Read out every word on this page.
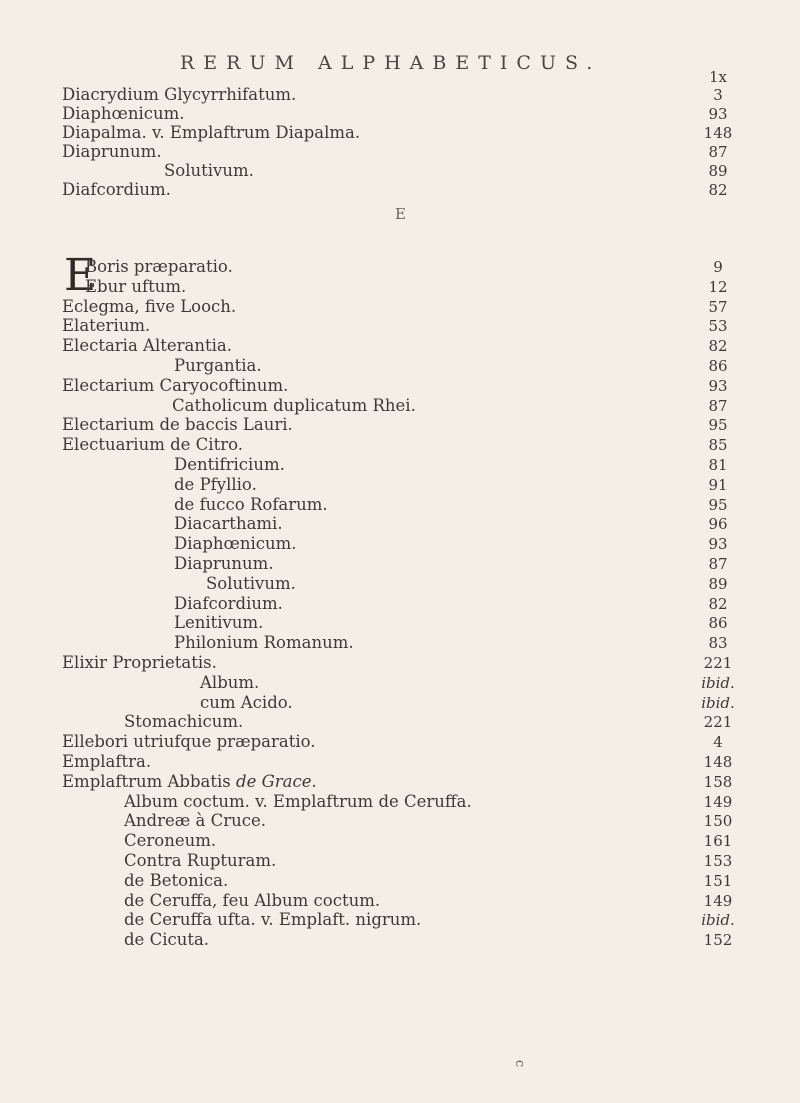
RERUM ALPHABETICUS.
1x
Diacrydium Glycyrrhifatum.	3
Diaphœnicum.	93
Diapalma. v. Emplaftrum Diapalma.	148
Diaprunum.	87
Solutivum.	89
Diafcordium.	82
E
E
Boris præparatio.	9
Ebur uftum.	12
Eclegma, five Looch.	57
Elaterium.	53
Electaria Alterantia.	82
Purgantia.	86
Electarium Caryocoftinum.	93
Catholicum duplicatum Rhei.	87
Electarium de baccis Lauri.	95
Electuarium de Citro.	85
Dentifricium.	81
de Pfyllio.	91
de fucco Rofarum.	95
Diacarthami.	96
Diaphœnicum.	93
Diaprunum.	87
Solutivum.	89
Diafcordium.	82
Lenitivum.	86
Philonium Romanum.	83
Elixir Proprietatis.	221
Album.	ibid.
cum Acido.	ibid.
Stomachicum.	221
Ellebori utriufque præparatio.	4
Emplaftra.	148
Emplaftrum Abbatis de Grace.	158
Album coctum. v. Emplaftrum de Ceruffa.	149
Andreæ à Cruce.	150
Ceroneum.	161
Contra Rupturam.	153
de Betonica.	151
de Ceruffa, feu Album coctum.	149
de Ceruffa ufta. v. Emplaft. nigrum.	ibid.
de Cicuta.	152
c
